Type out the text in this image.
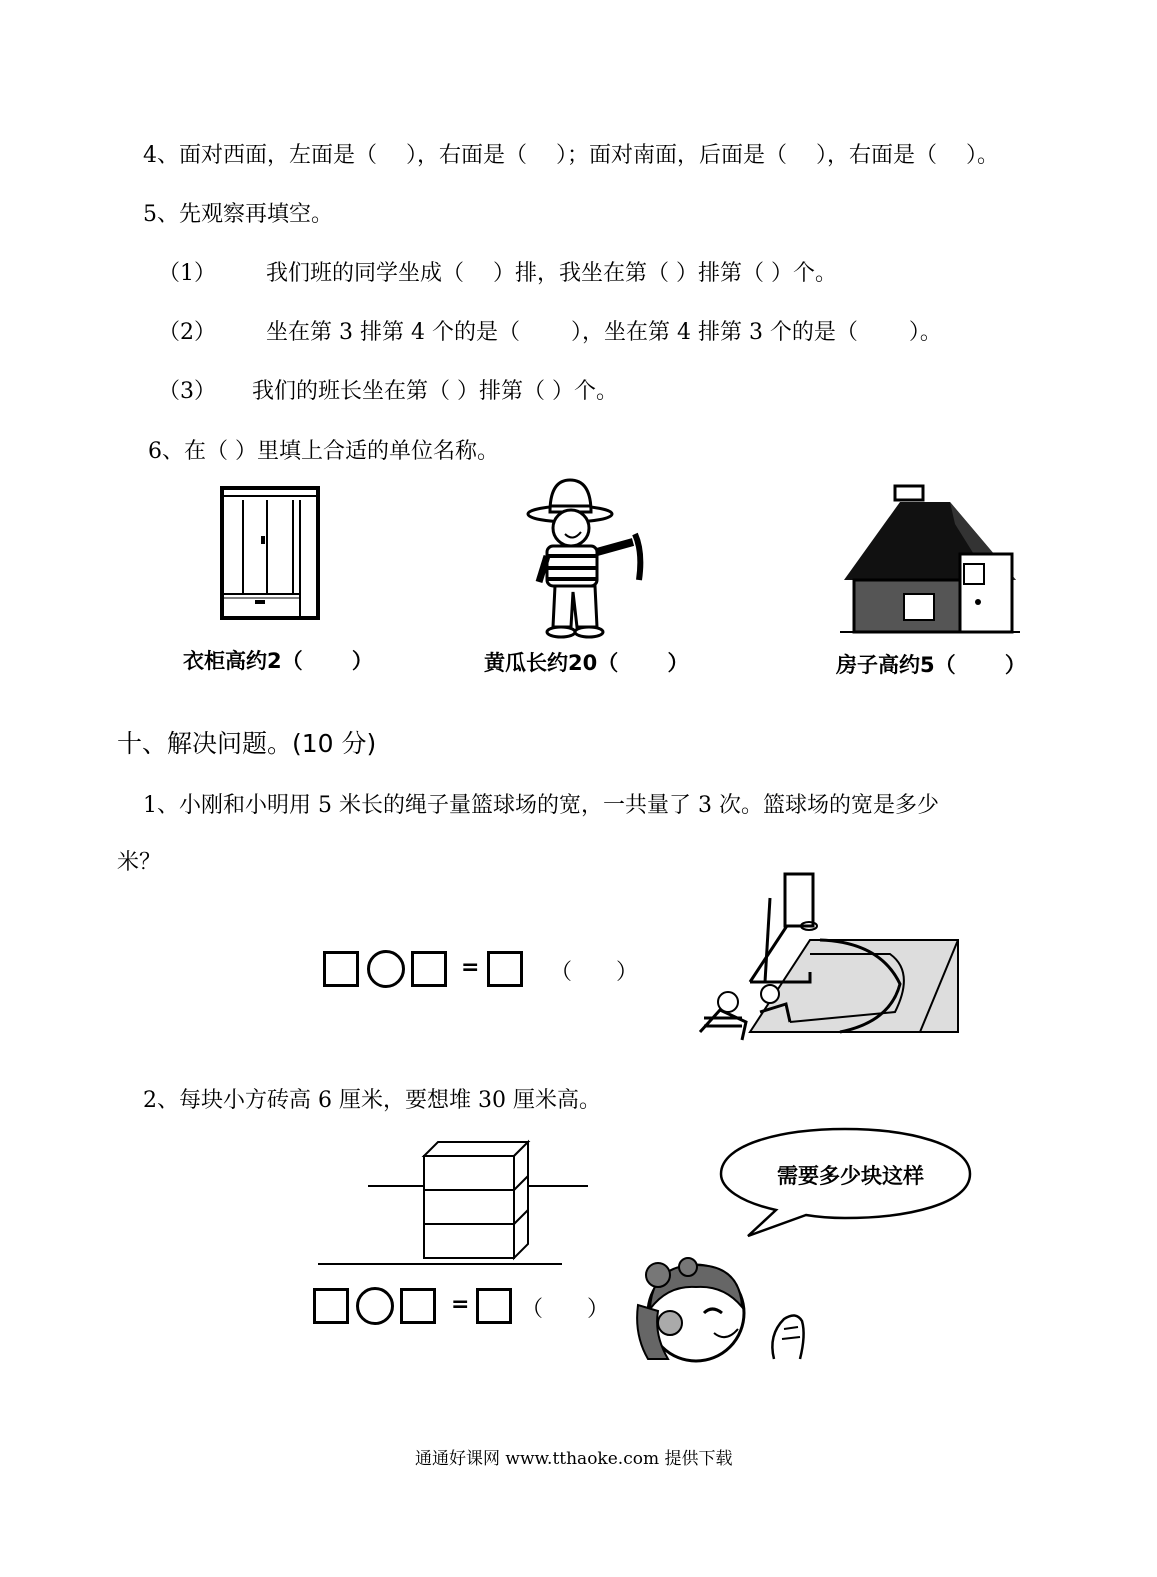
4、面对西面，左面是（　 ），右面是（　 ）；面对南面，后面是（　 ），右面是（　 ）。
5、先观察再填空。
（1） 我们班的同学坐成（　 ）排，我坐在第（ ）排第（ ）个。
（2） 坐在第 3 排第 4 个的是（　　 ），坐在第 4 排第 3 个的是（　　 ）。
（3） 我们的班长坐在第（ ）排第（ ）个。
6、在（ ）里填上合适的单位名称。
衣柜高约2（　　 ）	黄瓜长约20（　　 ）	房子高约5（　　 ）
十、解决问题。(10 分)
1、小刚和小明用 5 米长的绳子量篮球场的宽，一共量了 3 次。篮球场的宽是多少
米？
=	（　　）
2、每块小方砖高 6 厘米，要想堆 30 厘米高。
需要多少块这样
= （　　）
通通好课网 www.tthaoke.com 提供下载
